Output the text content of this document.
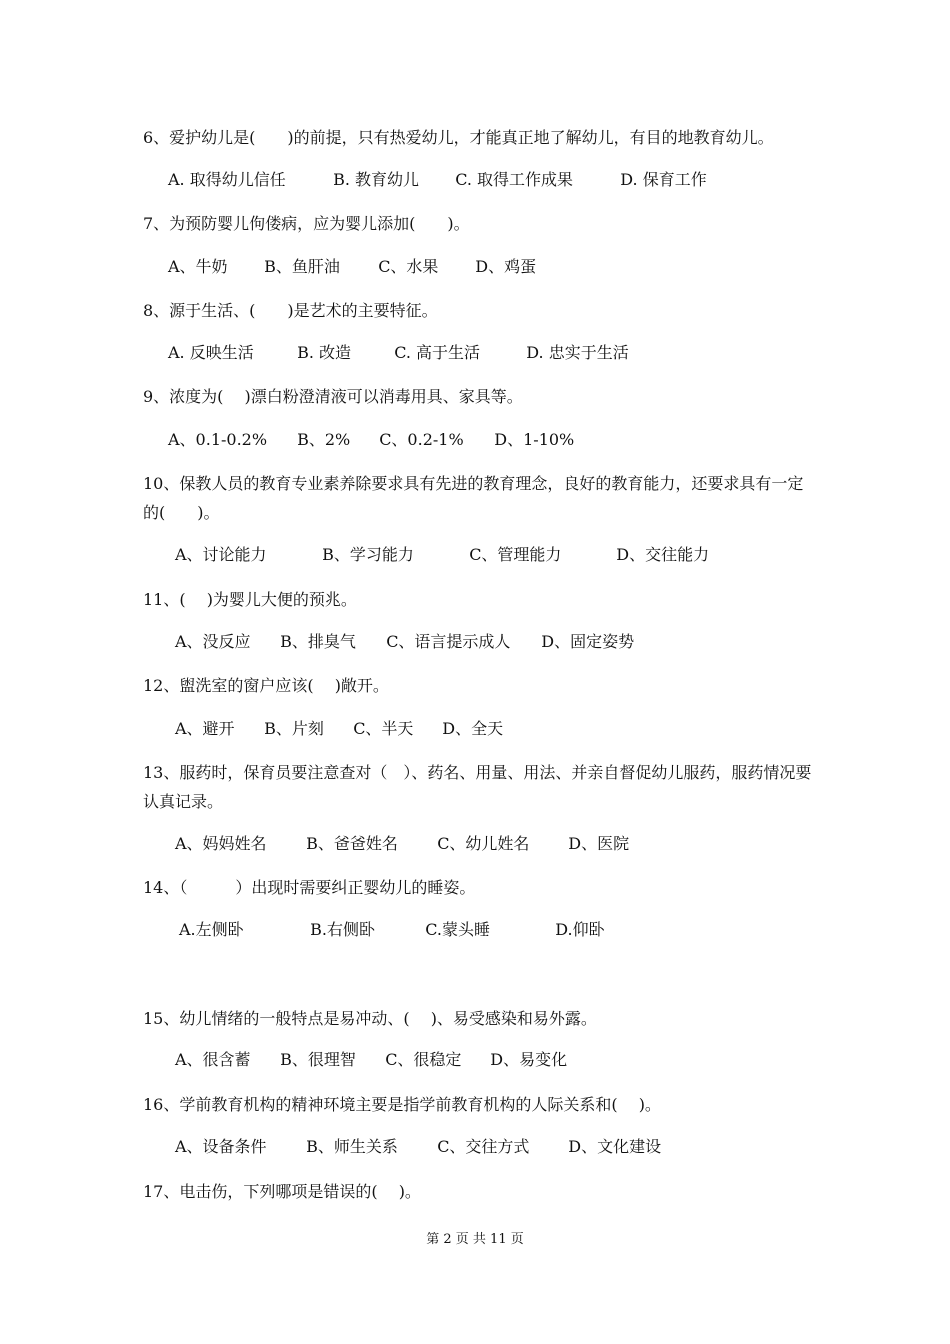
6、爱护幼儿是(　　)的前提，只有热爱幼儿，才能真正地了解幼儿，有目的地教育幼儿。
A. 取得幼儿信任	B. 教育幼儿 C. 取得工作成果	D. 保育工作
7、为预防婴儿佝偻病，应为婴儿添加(　　)。
A、牛奶 B、鱼肝油 C、水果 D、鸡蛋
8、源于生活、(　　)是艺术的主要特征。
A. 反映生活	B. 改造	C. 高于生活	D. 忠实于生活
9、浓度为(　 )漂白粉澄清液可以消毒用具、家具等。
A、0.1-0.2% B、2% C、0.2-1% D、1-10%
10、保教人员的教育专业素养除要求具有先进的教育理念，良好的教育能力，还要求具有一定的(　　)。
A、讨论能力	B、学习能力	C、管理能力	D、交往能力
11、(　 )为婴儿大便的预兆。
A、没反应 B、排臭气 C、语言提示成人 D、固定姿势
12、盥洗室的窗户应该(　 )敞开。
A、避开 B、片刻 C、半天 D、全天
13、服药时，保育员要注意查对（　）、药名、用量、用法、并亲自督促幼儿服药，服药情况要认真记录。
A、妈妈姓名 B、爸爸姓名 C、幼儿姓名 D、医院
14、（　　　）出现时需要纠正婴幼儿的睡姿。
A.左侧卧	B.右侧卧	C.蒙头睡	D.仰卧
15、幼儿情绪的一般特点是易冲动、(　 )、易受感染和易外露。
A、很含蓄 B、很理智 C、很稳定 D、易变化
16、学前教育机构的精神环境主要是指学前教育机构的人际关系和(　 )。
A、设备条件 B、师生关系 C、交往方式 D、文化建设
17、电击伤，下列哪项是错误的(　 )。
第 2 页 共 11 页
